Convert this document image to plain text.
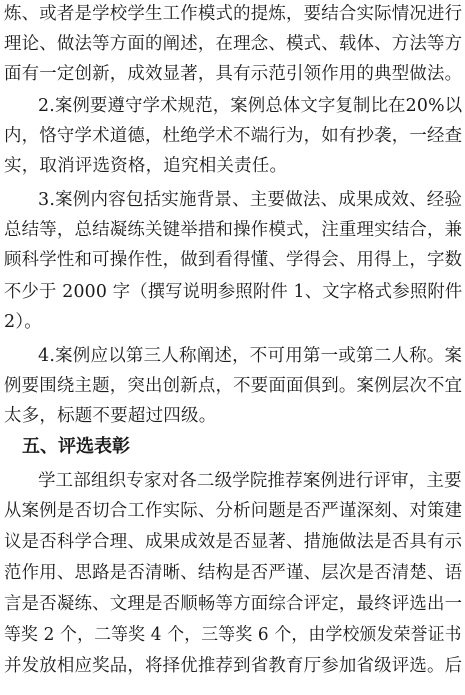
炼、或者是学校学生工作模式的提炼，要结合实际情况进行
理论、做法等方面的阐述，在理念、模式、载体、方法等方
面有一定创新，成效显著，具有示范引领作用的典型做法。
2.案例要遵守学术规范，案例总体文字复制比在20%以
内，恪守学术道德，杜绝学术不端行为，如有抄袭，一经查
实，取消评选资格，追究相关责任。
3.案例内容包括实施背景、主要做法、成果成效、经验
总结等，总结凝练关键举措和操作模式，注重理实结合，兼
顾科学性和可操作性，做到看得懂、学得会、用得上，字数
不少于 2000 字（撰写说明参照附件 1、文字格式参照附件
2）。
4.案例应以第三人称阐述，不可用第一或第二人称。案
例要围绕主题，突出创新点，不要面面俱到。案例层次不宜
太多，标题不要超过四级。
五、评选表彰
学工部组织专家对各二级学院推荐案例进行评审，主要
从案例是否切合工作实际、分析问题是否严谨深刻、对策建
议是否科学合理、成果成效是否显著、措施做法是否具有示
范作用、思路是否清晰、结构是否严谨、层次是否清楚、语
言是否凝练、文理是否顺畅等方面综合评定，最终评选出一
等奖 2 个，二等奖 4 个，三等奖 6 个，由学校颁发荣誉证书
并发放相应奖品，将择优推荐到省教育厅参加省级评选。后
